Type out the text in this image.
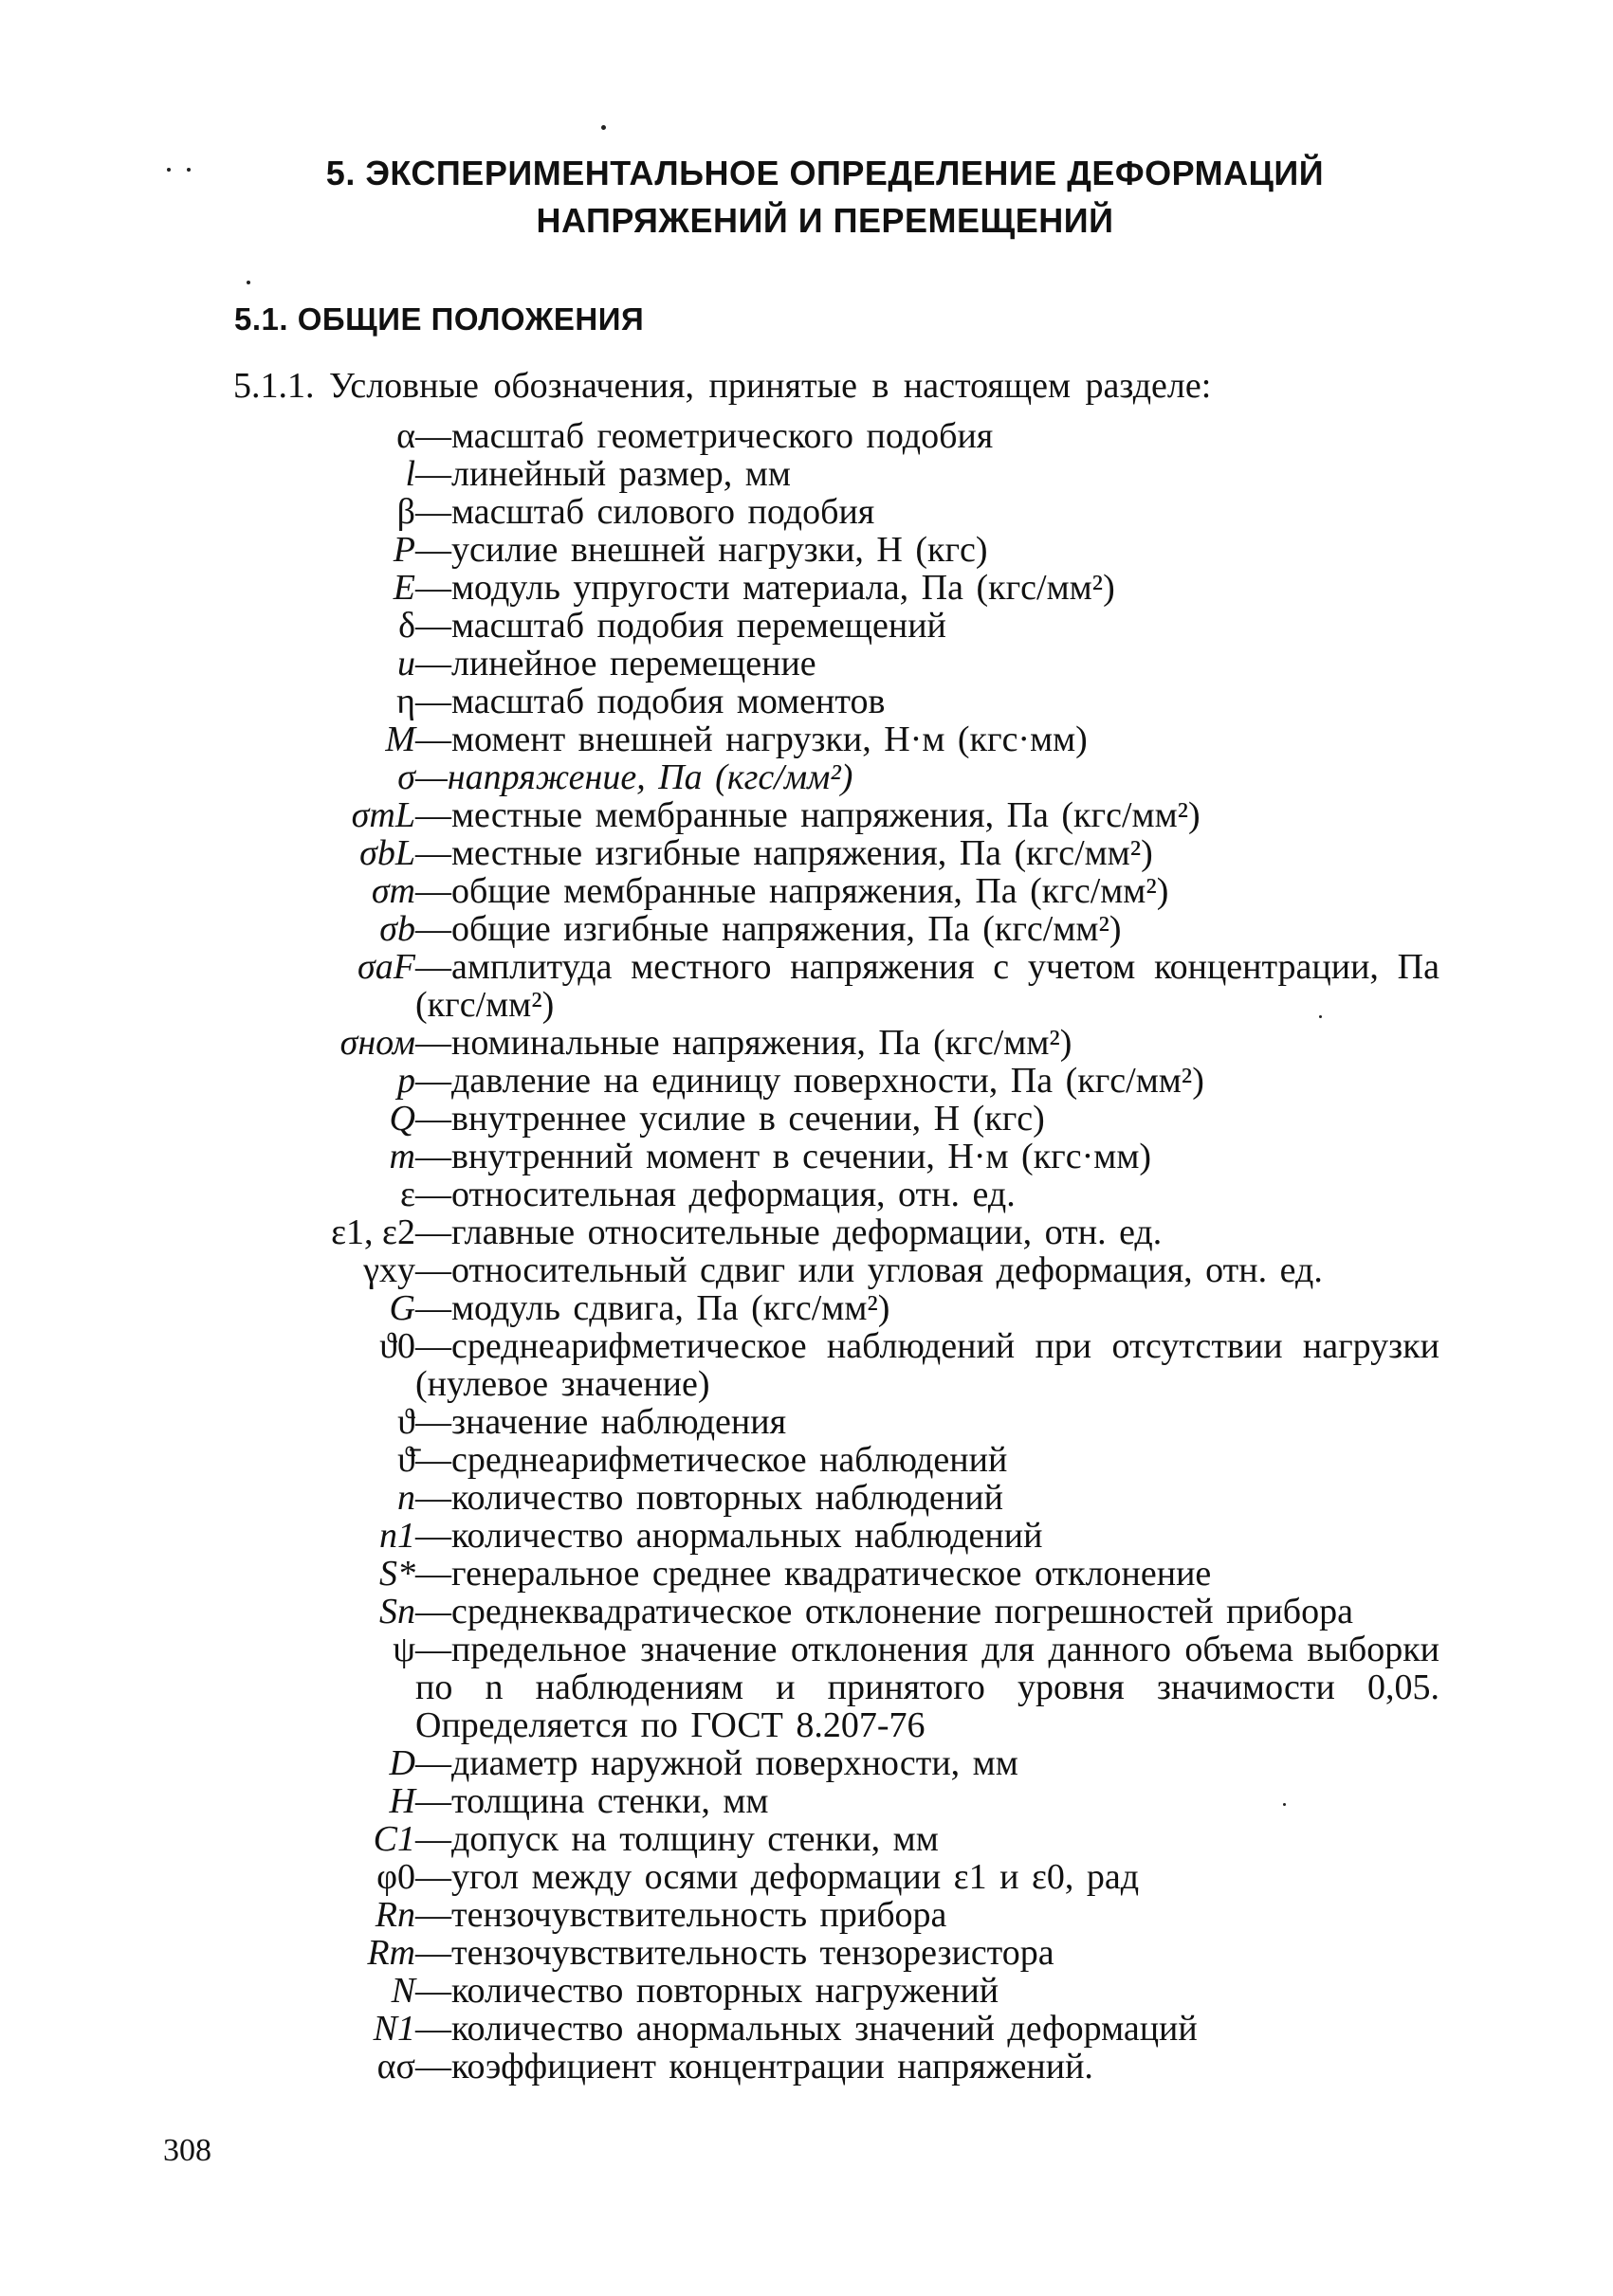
5. ЭКСПЕРИМЕНТАЛЬНОЕ ОПРЕДЕЛЕНИЕ ДЕФОРМАЦИЙ
НАПРЯЖЕНИЙ И ПЕРЕМЕЩЕНИЙ
5.1. ОБЩИЕ ПОЛОЖЕНИЯ
5.1.1. Условные обозначения, принятые в настоящем разделе:
α —масштаб геометрического подобия
l —линейный размер, мм
β —масштаб силового подобия
P —усилие внешней нагрузки, Н (кгс)
E —модуль упругости материала, Па (кгс/мм²)
δ —масштаб подобия перемещений
u —линейное перемещение
η —масштаб подобия моментов
M —момент внешней нагрузки, Н·м (кгс·мм)
σ —напряжение, Па (кгс/мм²)
σmL —местные мембранные напряжения, Па (кгс/мм²)
σbL —местные изгибные напряжения, Па (кгс/мм²)
σm —общие мембранные напряжения, Па (кгс/мм²)
σb —общие изгибные напряжения, Па (кгс/мм²)
σaF —амплитуда местного напряжения с учетом концентрации, Па (кгс/мм²)
σном —номинальные напряжения, Па (кгс/мм²)
p —давление на единицу поверхности, Па (кгс/мм²)
Q —внутреннее усилие в сечении, Н (кгс)
m —внутренний момент в сечении, Н·м (кгс·мм)
ε —относительная деформация, отн. ед.
ε1, ε2 —главные относительные деформации, отн. ед.
γxy —относительный сдвиг или угловая деформация, отн. ед.
G —модуль сдвига, Па (кгс/мм²)
ϑ0 —среднеарифметическое наблюдений при отсутствии нагрузки (нулевое значение)
ϑ —значение наблюдения
ϑ̄ —среднеарифметическое наблюдений
n —количество повторных наблюдений
n1 —количество анормальных наблюдений
S* —генеральное среднее квадратическое отклонение
Sп —среднеквадратическое отклонение погрешностей прибора
ψ —предельное значение отклонения для данного объема выборки по n наблюдениям и принятого уровня значимости 0,05. Определяется по ГОСТ 8.207-76
D —диаметр наружной поверхности, мм
H —толщина стенки, мм
C1 —допуск на толщину стенки, мм
φ0 —угол между осями деформации ε1 и ε0, рад
Rп —тензочувствительность прибора
Rт —тензочувствительность тензорезистора
N —количество повторных нагружений
N1 —количество анормальных значений деформаций
ασ —коэффициент концентрации напряжений.
308
